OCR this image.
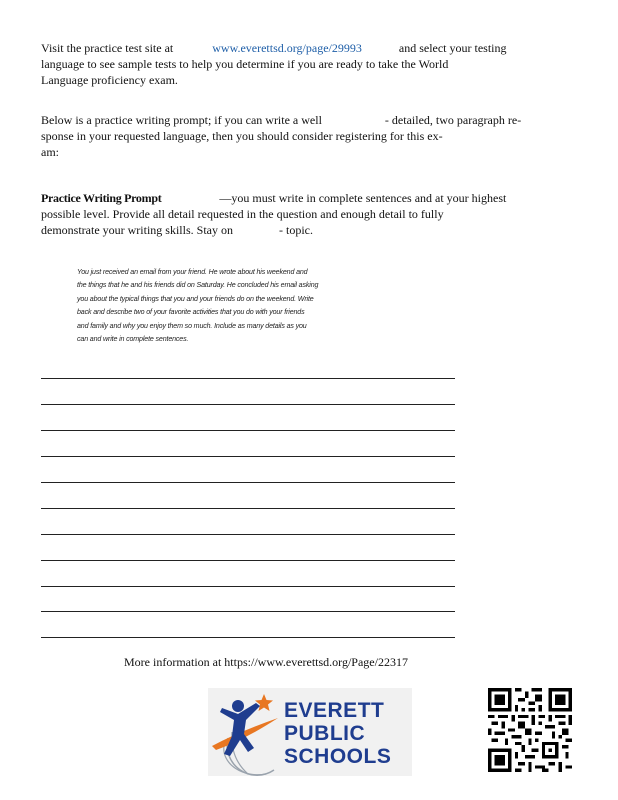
Visit the practice test site at	www.everettsd.org/page/29993	and select your testing
language to see sample tests to help you determine if you are ready to take the World
Language proficiency exam.
Below is a practice writing prompt; if you can write a well	- detailed, two paragraph re-
sponse in your requested language, then you should consider registering for this ex-
am:
Practice Writing Prompt	—you must write in complete sentences and at your highest
possible level. Provide all detail requested in the question and enough detail to fully
demonstrate your writing skills. Stay on	- topic.
You just received an email from your friend. He wrote about his weekend and
the things that he and his friends did on Saturday. He concluded his email asking
you about the typical things that you and your friends do on the weekend. Write
back and describe two of your favorite activities that you do with your friends
and family and why you enjoy them so much. Include as many details as you
can and write in complete sentences.
More information at https://www.everettsd.org/Page/22317
EVERETT
PUBLIC
SCHOOLS
